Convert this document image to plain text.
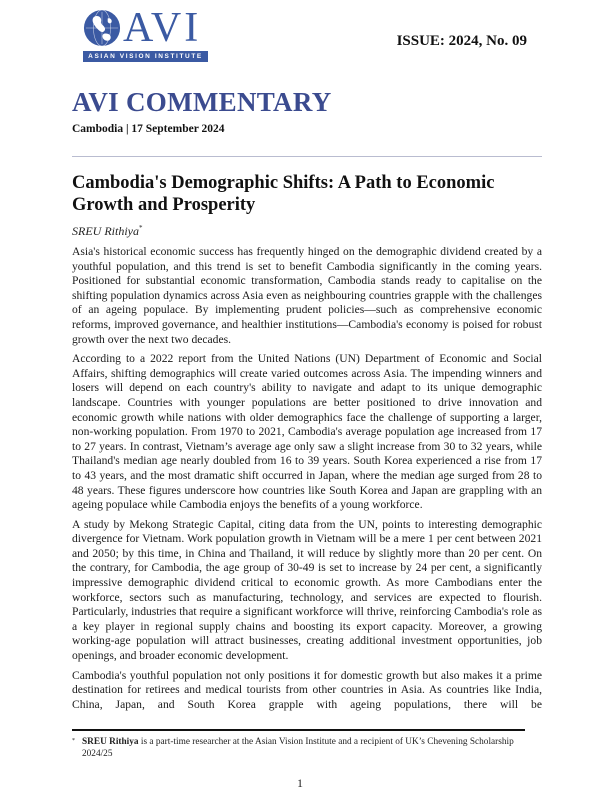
AVI
ASIAN VISION INSTITUTE
ISSUE: 2024, No. 09
AVI COMMENTARY
Cambodia | 17 September 2024
Cambodia's Demographic Shifts: A Path to Economic Growth and Prosperity
SREU Rithiya*

Asia's historical economic success has frequently hinged on the demographic dividend created by a youthful population, and this trend is set to benefit Cambodia significantly in the coming years. Positioned for substantial economic transformation, Cambodia stands ready to capitalise on the shifting population dynamics across Asia even as neighbouring countries grapple with the challenges of an ageing populace. By implementing prudent policies—such as comprehensive economic reforms, improved governance, and healthier institutions—Cambodia's economy is poised for robust growth over the next two decades.

According to a 2022 report from the United Nations (UN) Department of Economic and Social Affairs, shifting demographics will create varied outcomes across Asia. The impending winners and losers will depend on each country's ability to navigate and adapt to its unique demographic landscape. Countries with younger populations are better positioned to drive innovation and economic growth while nations with older demographics face the challenge of supporting a larger, non-working population. From 1970 to 2021, Cambodia's average population age increased from 17 to 27 years. In contrast, Vietnam’s average age only saw a slight increase from 30 to 32 years, while Thailand's median age nearly doubled from 16 to 39 years. South Korea experienced a rise from 17 to 43 years, and the most dramatic shift occurred in Japan, where the median age surged from 28 to 48 years. These figures underscore how countries like South Korea and Japan are grappling with an ageing populace while Cambodia enjoys the benefits of a young workforce.

A study by Mekong Strategic Capital, citing data from the UN, points to interesting demographic divergence for Vietnam. Work population growth in Vietnam will be a mere 1 per cent between 2021 and 2050; by this time, in China and Thailand, it will reduce by slightly more than 20 per cent. On the contrary, for Cambodia, the age group of 30-49 is set to increase by 24 per cent, a significantly impressive demographic dividend critical to economic growth. As more Cambodians enter the workforce, sectors such as manufacturing, technology, and services are expected to flourish. Particularly, industries that require a significant workforce will thrive, reinforcing Cambodia's role as a key player in regional supply chains and boosting its export capacity. Moreover, a growing working-age population will attract businesses, creating additional investment opportunities, job openings, and broader economic development.

Cambodia's youthful population not only positions it for domestic growth but also makes it a prime destination for retirees and medical tourists from other countries in Asia. As countries like India, China, Japan, and South Korea grapple with ageing populations, there will be

* SREU Rithiya is a part-time researcher at the Asian Vision Institute and a recipient of UK’s Chevening Scholarship 2024/25
1
